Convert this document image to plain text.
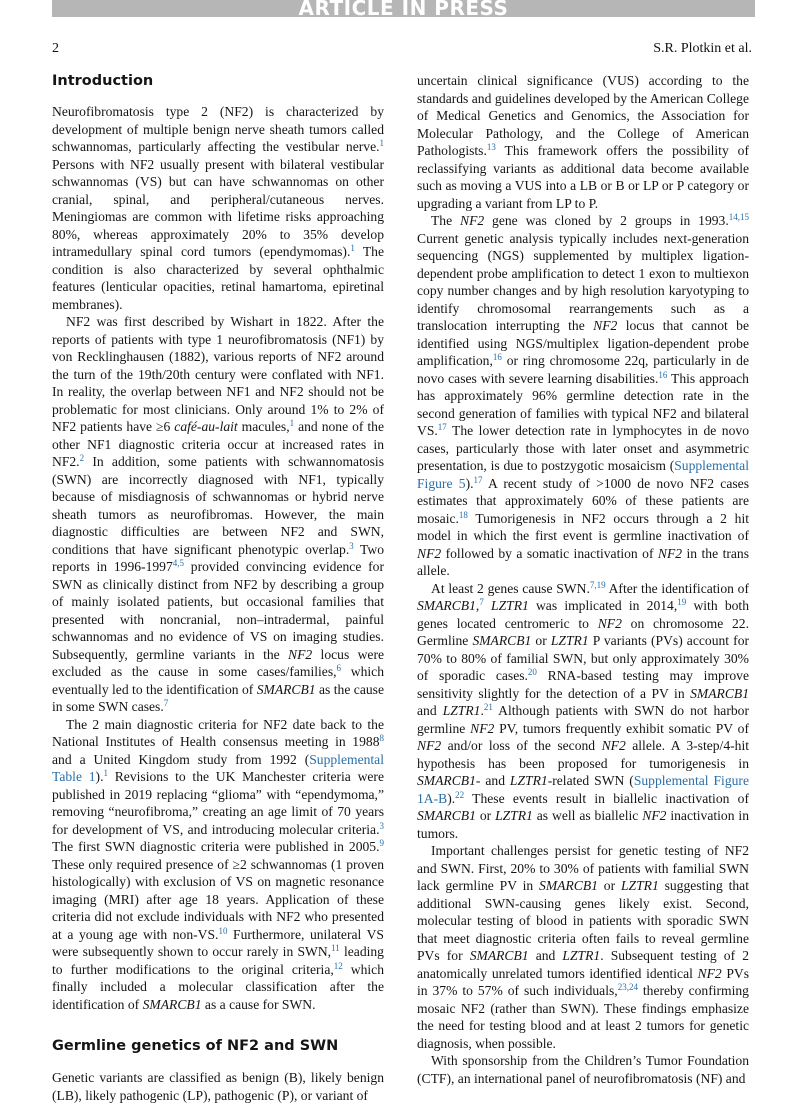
ARTICLE IN PRESS
2	S.R. Plotkin et al.
Introduction

Neurofibromatosis type 2 (NF2) is characterized by development of multiple benign nerve sheath tumors called schwannomas, particularly affecting the vestibular nerve.$^1$ Persons with NF2 usually present with bilateral vestibular schwannomas (VS) but can have schwannomas on other cranial, spinal, and peripheral/cutaneous nerves. Meningiomas are common with lifetime risks approaching 80%, whereas approximately 20% to 35% develop intramedullary spinal cord tumors (ependymomas).$^1$ The condition is also characterized by several ophthalmic features (lenticular opacities, retinal hamartoma, epiretinal membranes).

NF2 was first described by Wishart in 1822. After the reports of patients with type 1 neurofibromatosis (NF1) by von Recklinghausen (1882), various reports of NF2 around the turn of the 19th/20th century were conflated with NF1. In reality, the overlap between NF1 and NF2 should not be problematic for most clinicians. Only around 1% to 2% of NF2 patients have ≥6 café-au-lait macules,$^1$ and none of the other NF1 diagnostic criteria occur at increased rates in NF2.$^2$ In addition, some patients with schwannomatosis (SWN) are incorrectly diagnosed with NF1, typically because of misdiagnosis of schwannomas or hybrid nerve sheath tumors as neurofibromas. However, the main diagnostic difficulties are between NF2 and SWN, conditions that have significant phenotypic overlap.$^3$ Two reports in 1996-1997$^{4,5}$ provided convincing evidence for SWN as clinically distinct from NF2 by describing a group of mainly isolated patients, but occasional families that presented with noncranial, non–intradermal, painful schwannomas and no evidence of VS on imaging studies. Subsequently, germline variants in the NF2 locus were excluded as the cause in some cases/families,$^6$ which eventually led to the identification of SMARCB1 as the cause in some SWN cases.$^7$

The 2 main diagnostic criteria for NF2 date back to the National Institutes of Health consensus meeting in 1988$^8$ and a United Kingdom study from 1992 (Supplemental Table 1).$^1$ Revisions to the UK Manchester criteria were published in 2019 replacing “glioma” with “ependymoma,” removing “neurofibroma,” creating an age limit of 70 years for development of VS, and introducing molecular criteria.$^3$ The first SWN diagnostic criteria were published in 2005.$^9$ These only required presence of ≥2 schwannomas (1 proven histologically) with exclusion of VS on magnetic resonance imaging (MRI) after age 18 years. Application of these criteria did not exclude individuals with NF2 who presented at a young age with non-VS.$^{10}$ Furthermore, unilateral VS were subsequently shown to occur rarely in SWN,$^{11}$ leading to further modifications to the original criteria,$^{12}$ which finally included a molecular classification after the identification of SMARCB1 as a cause for SWN.

Germline genetics of NF2 and SWN

Genetic variants are classified as benign (B), likely benign (LB), likely pathogenic (LP), pathogenic (P), or variant of

uncertain clinical significance (VUS) according to the standards and guidelines developed by the American College of Medical Genetics and Genomics, the Association for Molecular Pathology, and the College of American Pathologists.$^{13}$ This framework offers the possibility of reclassifying variants as additional data become available such as moving a VUS into a LB or B or LP or P category or upgrading a variant from LP to P.

The NF2 gene was cloned by 2 groups in 1993.$^{14,15}$ Current genetic analysis typically includes next-generation sequencing (NGS) supplemented by multiplex ligation-dependent probe amplification to detect 1 exon to multiexon copy number changes and by high resolution karyotyping to identify chromosomal rearrangements such as a translocation interrupting the NF2 locus that cannot be identified using NGS/multiplex ligation-dependent probe amplification,$^{16}$ or ring chromosome 22q, particularly in de novo cases with severe learning disabilities.$^{16}$ This approach has approximately 96% germline detection rate in the second generation of families with typical NF2 and bilateral VS.$^{17}$ The lower detection rate in lymphocytes in de novo cases, particularly those with later onset and asymmetric presentation, is due to postzygotic mosaicism (Supplemental Figure 5).$^{17}$ A recent study of >1000 de novo NF2 cases estimates that approximately 60% of these patients are mosaic.$^{18}$ Tumorigenesis in NF2 occurs through a 2 hit model in which the first event is germline inactivation of NF2 followed by a somatic inactivation of NF2 in the trans allele.

At least 2 genes cause SWN.$^{7,19}$ After the identification of SMARCB1,$^7$ LZTR1 was implicated in 2014,19 with both genes located centromeric to NF2 on chromosome 22. Germline SMARCB1 or LZTR1 P variants (PVs) account for 70% to 80% of familial SWN, but only approximately 30% of sporadic cases.$^{20}$ RNA-based testing may improve sensitivity slightly for the detection of a PV in SMARCB1 and LZTR1.21 Although patients with SWN do not harbor germline NF2 PV, tumors frequently exhibit somatic PV of NF2 and/or loss of the second NF2 allele. A 3-step/4-hit hypothesis has been proposed for tumorigenesis in SMARCB1- and LZTR1-related SWN (Supplemental Figure 1A-B).$^{22}$ These events result in biallelic inactivation of SMARCB1 or LZTR1 as well as biallelic NF2 inactivation in tumors.

Important challenges persist for genetic testing of NF2 and SWN. First, 20% to 30% of patients with familial SWN lack germline PV in SMARCB1 or LZTR1 suggesting that additional SWN-causing genes likely exist. Second, molecular testing of blood in patients with sporadic SWN that meet diagnostic criteria often fails to reveal germline PVs for SMARCB1 and LZTR1. Subsequent testing of 2 anatomically unrelated tumors identified identical NF2 PVs in 37% to 57% of such individuals,$^{23,24}$ thereby confirming mosaic NF2 (rather than SWN). These findings emphasize the need for testing blood and at least 2 tumors for genetic diagnosis, when possible.

With sponsorship from the Children’s Tumor Foundation (CTF), an international panel of neurofibromatosis (NF) and
